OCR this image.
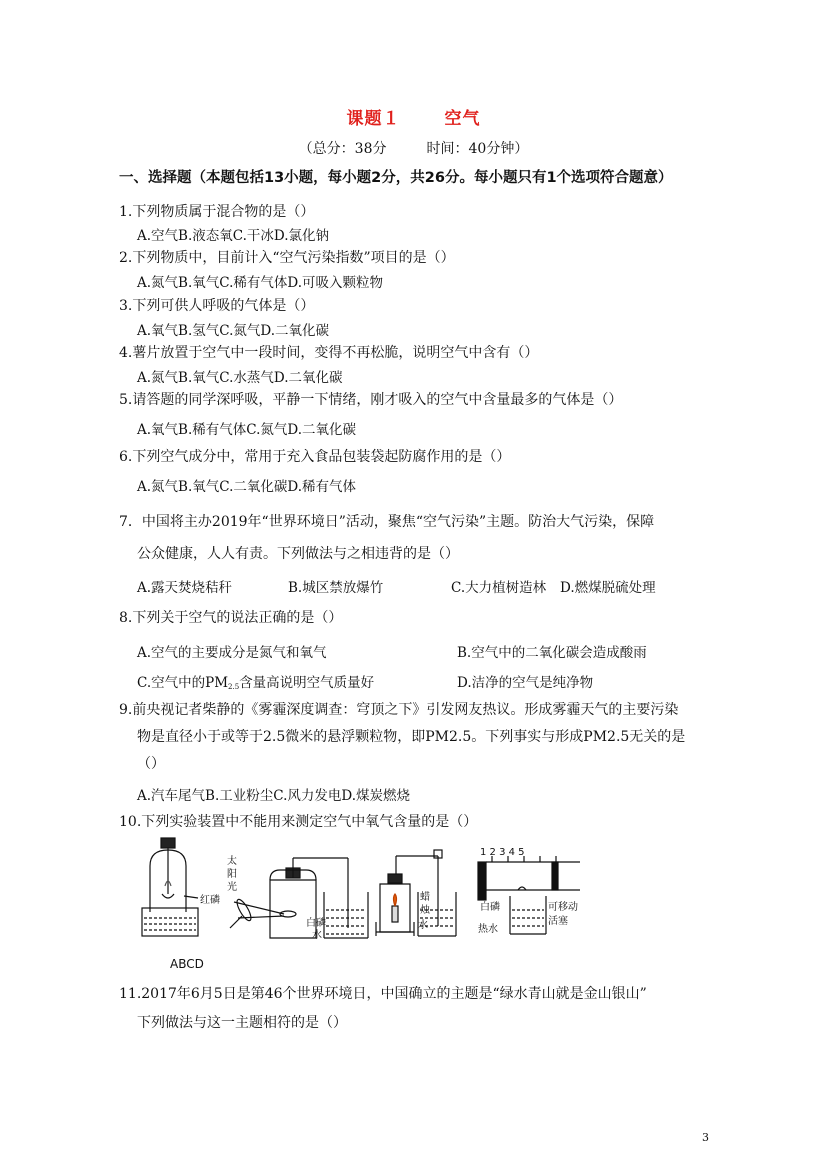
课题１	空气
（总分：38分	时间：40分钟）
一、选择题（本题包括13小题，每小题2分，共26分。每小题只有1个选项符合题意）
1.下列物质属于混合物的是（）
A.空气B.液态氧C.干冰D.氯化钠
2.下列物质中，目前计入“空气污染指数”项目的是（）
A.氮气B.氧气C.稀有气体D.可吸入颗粒物
3.下列可供人呼吸的气体是（）
A.氧气B.氢气C.氮气D.二氧化碳
4.薯片放置于空气中一段时间，变得不再松脆，说明空气中含有（）
A.氮气B.氧气C.水蒸气D.二氧化碳
5.请答题的同学深呼吸，平静一下情绪，刚才吸入的空气中含量最多的气体是（）
A.氧气B.稀有气体C.氮气D.二氧化碳
6.下列空气成分中，常用于充入食品包装袋起防腐作用的是（）
A.氮气B.氧气C.二氧化碳D.稀有气体
7．中国将主办2019年“世界环境日”活动，聚焦“空气污染”主题。防治大气污染，保障
公众健康，人人有责。下列做法与之相违背的是（）
A.露天焚烧秸秆	B.城区禁放爆竹	C.大力植树造林 D.燃煤脱硫处理
8.下列关于空气的说法正确的是（）
A.空气的主要成分是氮气和氧气	B.空气中的二氧化碳会造成酸雨
C.空气中的$PM_{2.5}$含量高说明空气质量好	D.洁净的空气是纯净物
9.前央视记者柴静的《雾霾深度调查：穹顶之下》引发网友热议。形成雾霾天气的主要污染
物是直径小于或等于2.5微米的悬浮颗粒物，即PM2.5。下列事实与形成PM2.5无关的是
（）
A.汽车尾气B.工业粉尘C.风力发电D.煤炭燃烧
10.下列实验装置中不能用来测定空气中氧气含量的是（）
红磷
太
阳
光
白磷
水
蜡
烛
水
1 2 3 4 5
白磷
热水
可移动
活塞
ABCD
11.2017年6月5日是第46个世界环境日，中国确立的主题是“绿水青山就是金山银山”
下列做法与这一主题相符的是（）
3
